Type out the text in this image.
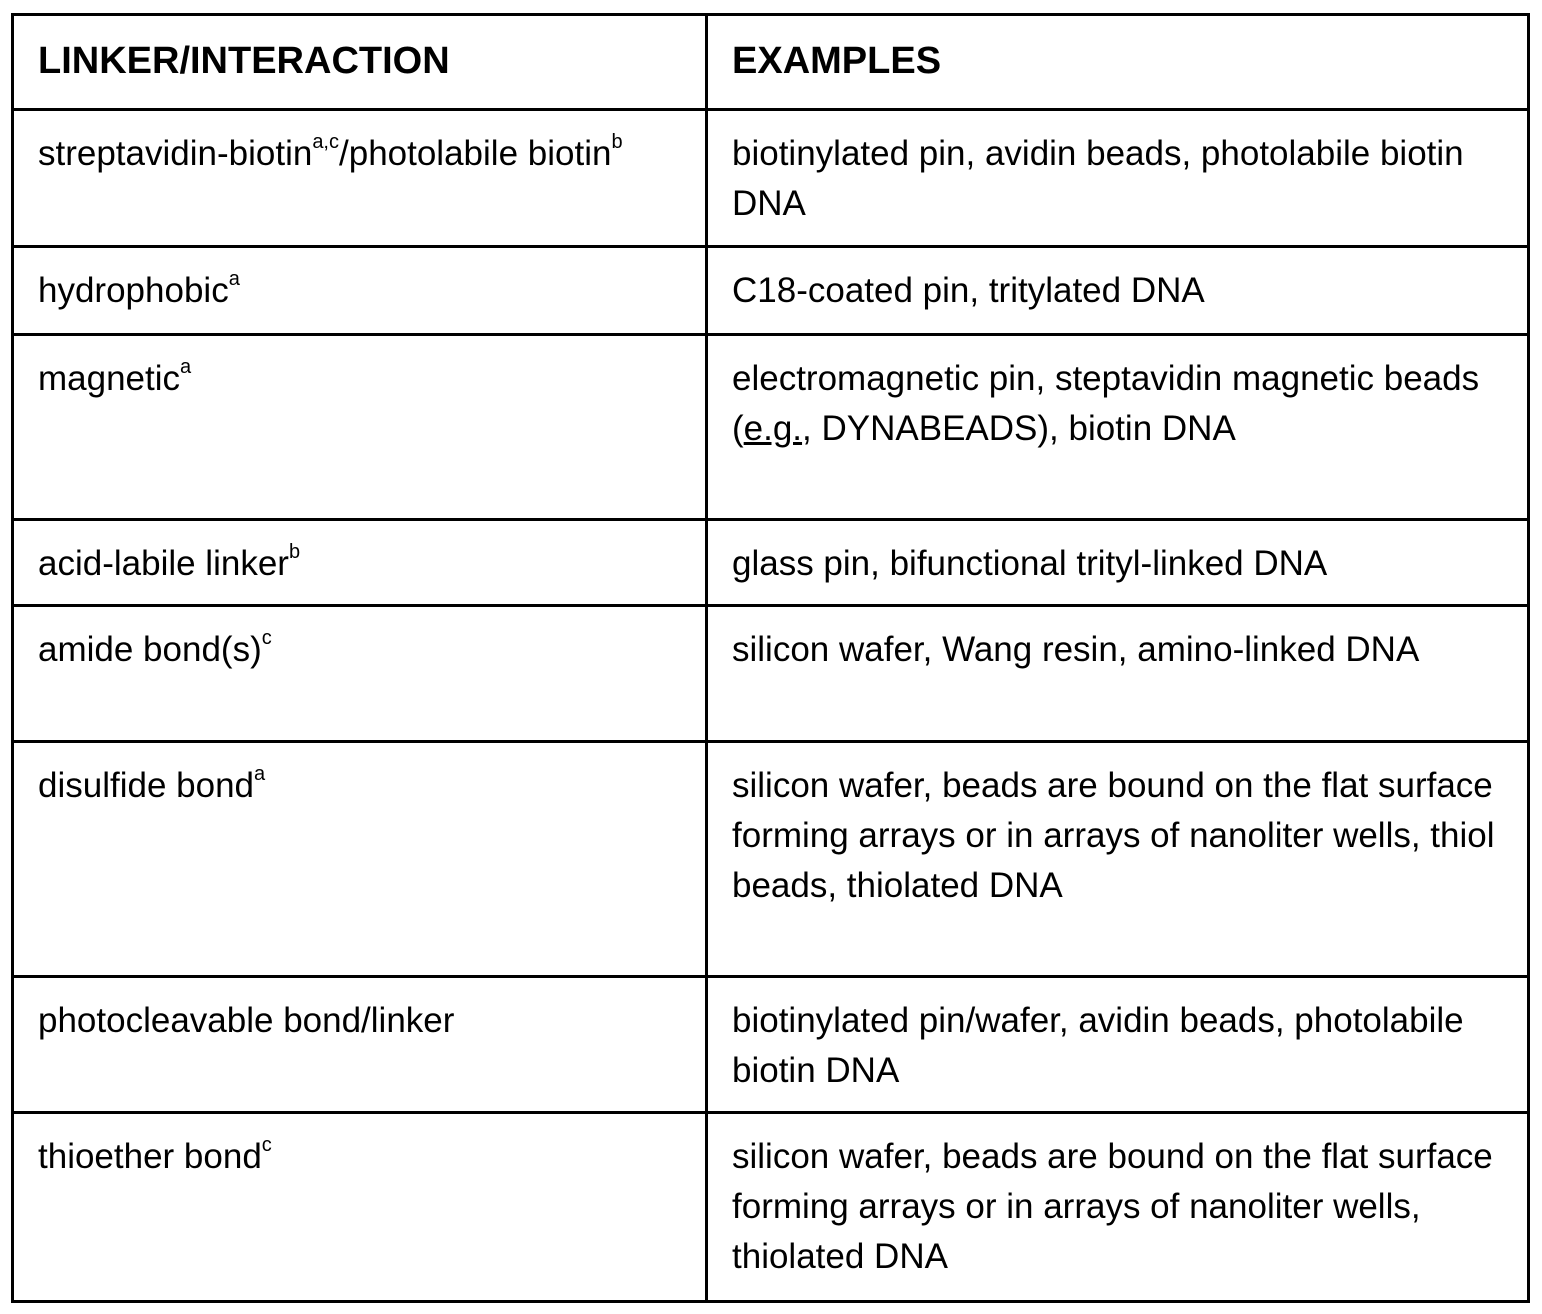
LINKER/INTERACTION	EXAMPLES
streptavidin-biotina,c/photolabile biotinb	biotinylated pin, avidin beads, photolabile biotin DNA
hydrophobica	C18-coated pin, tritylated DNA
magnetica	electromagnetic pin, steptavidin magnetic beads (e.g., DYNABEADS), biotin DNA
acid-labile linkerb	glass pin, bifunctional trityl-linked DNA
amide bond(s)c	silicon wafer, Wang resin, amino-linked DNA
disulfide bonda	silicon wafer, beads are bound on the flat surface forming arrays or in arrays of nanoliter wells, thiol beads, thiolated DNA
photocleavable bond/linker	biotinylated pin/wafer, avidin beads, photolabile biotin DNA
thioether bondc	silicon wafer, beads are bound on the flat surface forming arrays or in arrays of nanoliter wells, thiolated DNA
